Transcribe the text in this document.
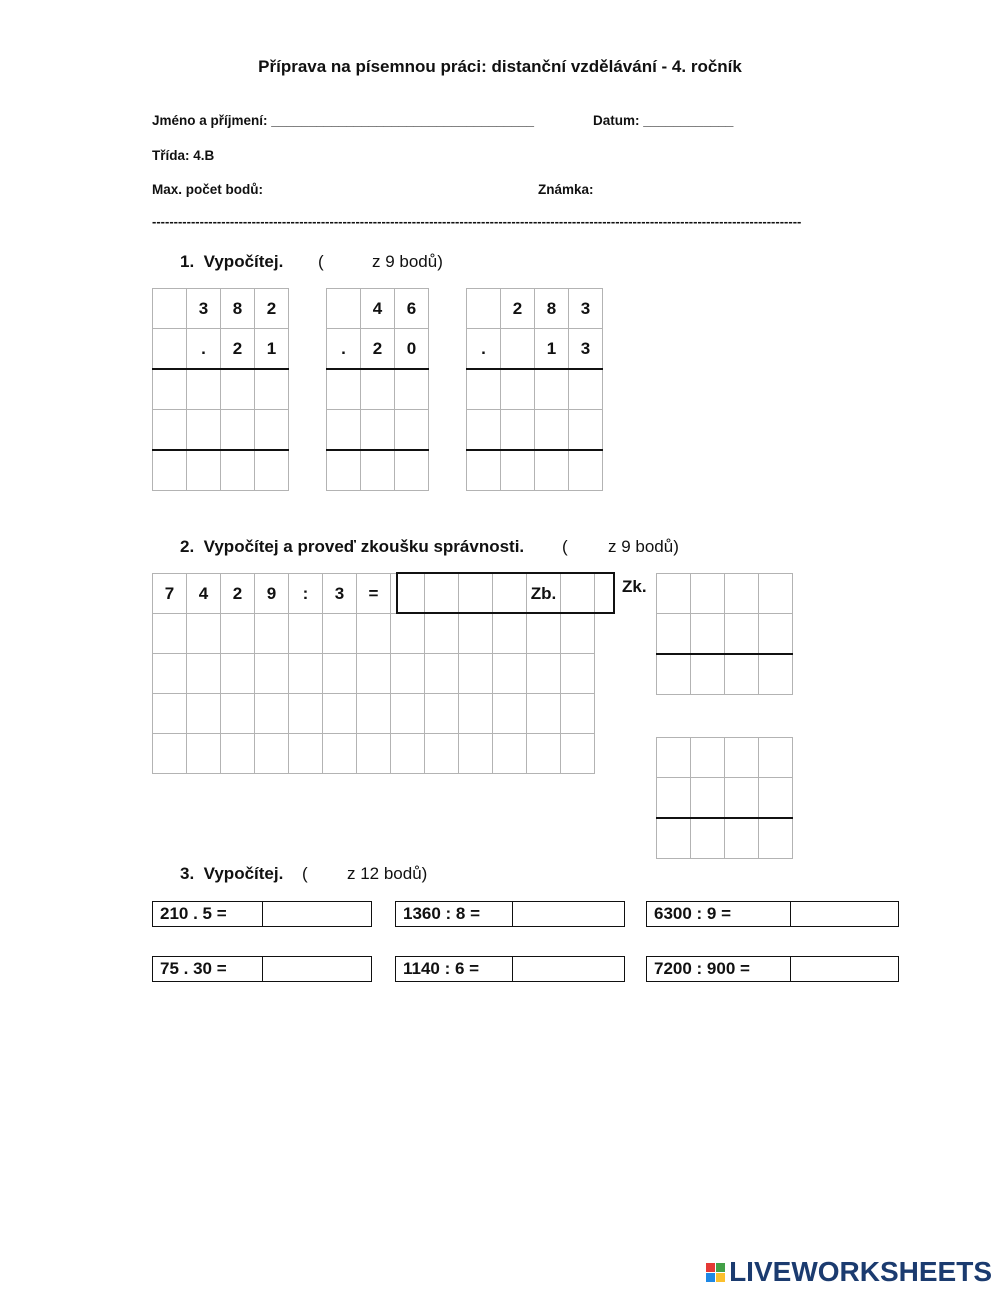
Příprava na písemnou práci: distanční vzdělávání - 4. ročník
Jméno a příjmení: ___________________________________	Datum: ____________
Třída: 4.B
Max. počet bodů:	Známka:
------------------------------------------------------------------------------------------------------------------------------------------------------
1. Vypočítej. (	z 9 bodů)
	3	8	2
	.	2	1

	4	6
.	2	0

	2	8	3
.		1	3

2. Vypočítej a proveď zkoušku správnosti. ( z 9 bodů)
7	4	2	9	:	3	=					Zb.	

													Zk.

3. Vypočítej. ( z 12 bodů)
210 . 5 =	1360 : 8 =	6300 : 9 =
75 . 30 =	1140 : 6 =	7200 : 900 =
LIVEWORKSHEETS
